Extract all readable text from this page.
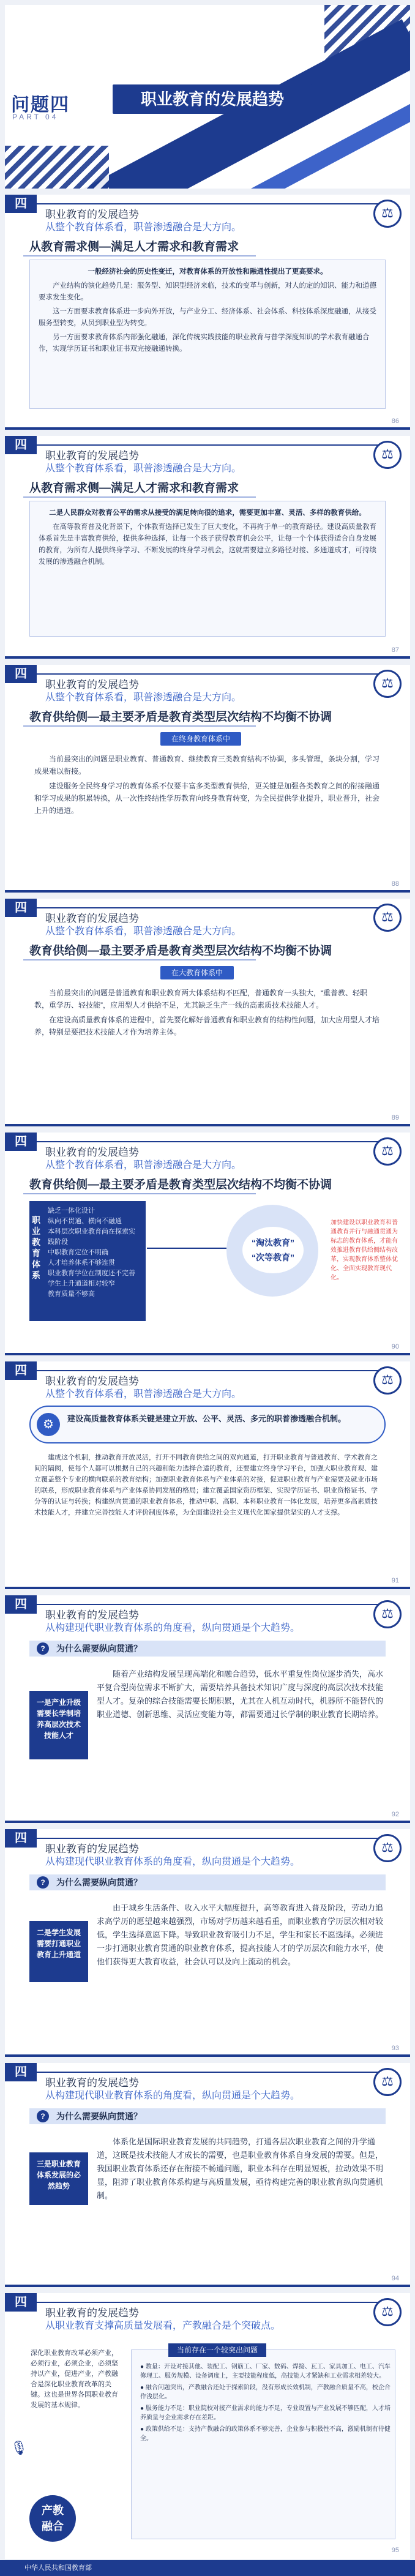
问题四
PART 04
职业教育的发展趋势
四
职业教育的发展趋势
从整个教育体系看，职普渗透融合是大方向。
⚖
从教育需求侧—满足人才需求和教育需求

一般经济社会的历史性变迁，对教育体系的开放性和融通性提出了更高要求。

产业结构的演化趋势几是：服务型、知识型经济来临，技术的变革与创新，对人的定的知识、能力和道德要求发生变化。

这一方面要求教育体系进一步向外开放，与产业分工、经济体系、社会体系、科技体系深度融通，从接受服务型转变，从员到职业型为转变。

另一方面要求教育体系内部强化融通，深化传统实践技能的职业教育与普学深度知识的学术教育融通合作，实现学历证书和职业证书双完接融通转换。

86
四
职业教育的发展趋势
从整个教育体系看，职普渗透融合是大方向。
⚖
从教育需求侧—满足人才需求和教育需求

二是人民群众对教育公平的需求从接受的满足转向很的追求，需要更加丰富、灵活、多样的教育供给。

在高等教育普及化背景下，个体教育选择已发生了巨大变化，不再拘于单一的教育路径。建设高质量教育体系首先是丰富教育供给，提供多种选择，让每一个孩子获得教育机会公平，让每一个个体获得适合自身发展的教育，为所有人提供终身学习、不断发展的终身学习机会，这就需要建立多路径对接、多通道成才，可持续发展的渗透融合机制。

87
四
职业教育的发展趋势
从整个教育体系看，职普渗透融合是大方向。
⚖
教育供给侧—最主要矛盾是教育类型层次结构不均衡不协调
在终身教育体系中

当前最突出的问题是职业教育、普通教育、继续教育三类教育结构不协调，多头管理，条块分割，学习成果难以衔接。

建设服务全民终身学习的教育体系不仅要丰富多类型教育供给，更关键是加强各类教育之间的衔接融通和学习成果的积累转换，从一次性终结性学历教育向终身教育转变，为全民提供学业提升，职业晋升，社会上升的通道。

88
四
职业教育的发展趋势
从整个教育体系看，职普渗透融合是大方向。
⚖
教育供给侧—最主要矛盾是教育类型层次结构不均衡不协调
在大教育体系中

当前最突出的问题是普通教育和职业教育两大体系结构不匹配，普通教育一头独大，“重普教、轻职教，重学历、轻技能”，应用型人才供给不足，尤其缺乏生产一线的高素质技术技能人才。

在建设高质量教育体系的进程中，首先要化解好普通教育和职业教育的结构性问题，加大应用型人才培养，特别是要把技术技能人才作为培养主体。

89
四
职业教育的发展趋势
从整个教育体系看，职普渗透融合是大方向。
⚖
教育供给侧—最主要矛盾是教育类型层次结构不均衡不协调
职业教育体系
缺乏一体化设计
纵向不贯通、横向不融通
本科层次职业教育尚在探索实践阶段
中职教育定位不明确
人才培养体系不够连贯
职业教育学位在制度还不完善
学生上升通道相对较窄
教育质量不够高
“淘汰教育”
“次等教育”
加快建设以职业教育和普通教育并行与融通贯通为标志的教育体系，才能有效推进教育供给侧结构改革，实现教育体系整体优化、全面实现教育现代化。
90
四
职业教育的发展趋势
从整个教育体系看，职普渗透融合是大方向。
⚖
⚙	建设高质量教育体系关键是建立开放、公平、灵活、多元的职普渗透融合机制。

建成这个机制，推动教育开放灵活，打开不同教育供给之间的双向通道，打开职业教育与普通教育、学术教育之间的隔阂，使每个人都可以根据自己的兴趣和能力选择合适的教育，还要建立终身学习平台，加强大职业教育观、建立覆盖整个专业的横向联系的教育结构；加强职业教育体系与产业体系的对接，促进职业教育与产业需要及就业市场的联系，形成职业教育体系与产业体系协同发展的格局；建立覆盖国家资历框架、实现学历证书、职业资格证书、学分等的认证与转换；构建纵向贯通的职业教育体系，推动中职、高职、本科职业教育一体化发展，培养更多高素质技术技能人才，并建立完善技能人才评价制度体系，为全面建设社会主义现代化国家提供坚实的人才支撑。

91
四
职业教育的发展趋势
从构建现代职业教育体系的角度看，纵向贯通是个大趋势。
⚖
?	为什么需要纵向贯通？
一是产业升级需要长学制培养高层次技术技能人才
随着产业结构发展呈现高端化和融合趋势，低水平重复性岗位逐步消失，高水平复合型岗位需求不断扩大，需要培养具备技术知识广度与深度的高层次技术技能型人才。复杂的综合技能需要长期积累，尤其在人机互动时代，机器所不能替代的职业道德、创新思维、灵活应变能力等，都需要通过长学制的职业教育长期培养。
92
四
职业教育的发展趋势
从构建现代职业教育体系的角度看，纵向贯通是个大趋势。
⚖
?	为什么需要纵向贯通？
二是学生发展需要打通职业教育上升通道
由于城乡生活条件、收入水平大幅度提升，高等教育进入普及阶段，劳动力追求高学历的愿望越来越强烈，市场对学历越来越看重，而职业教育学历层次相对较低，学生选择意愿下降。导致职业教育吸引力不足，学生和家长不愿选择。必须进一步打通职业教育贯通的职业教育体系，提高技能人才的学历层次和能力水平，使他们获得更大教育收益，社会认可以及向上流动的机会。
93
四
职业教育的发展趋势
从构建现代职业教育体系的角度看，纵向贯通是个大趋势。
⚖
?	为什么需要纵向贯通？
三是职业教育体系发展的必然趋势
体系化是国际职业教育发展的共同趋势，打通各层次职业教育之间的升学通道，这既是技术技能人才成长的需要，也是职业教育体系自身发展的需要。但是，我国职业教育体系还存在衔接不畅通问题，职业本科存在明显短板，拉动效果不明显，阻滞了职业教育体系构建与高质量发展，亟待构建完善的职业教育纵向贯通机制。
94
四
职业教育的发展趋势
从职业教育支撑高质量发展看，产教融合是个突破点。
⚖
深化职业教育改革必须产业，必须行业，必须企业，必须坚持以产业，促进产业，产教融合是深化职业教育改革的关键。这也是世界各国职业教育发展的基本规律。
🎙
产教
融合
当前存在一个较突出问题
● 数量：开设对接其他、装配工、钢筋工、厂家、数码、焊接、瓦工、家具加工、电工、汽车修理工、服务规模、设备调度上，主要技能程度低，高技能人才紧缺和工业需求相差较大。
● 融合问题突出，产教融合还处于探索阶段，没有形成长效机制，产教融合质量不高，校企合作浅层化。
● 服务能力不足：职业院校对接产业需求的能力不足，专业设置与产业发展不够匹配，人才培养质量与企业需求存在差距。
● 政策供给不足：支持产教融合的政策体系不够完善，企业参与积极性不高，激励机制有待健全。
95
中华人民共和国教育部
